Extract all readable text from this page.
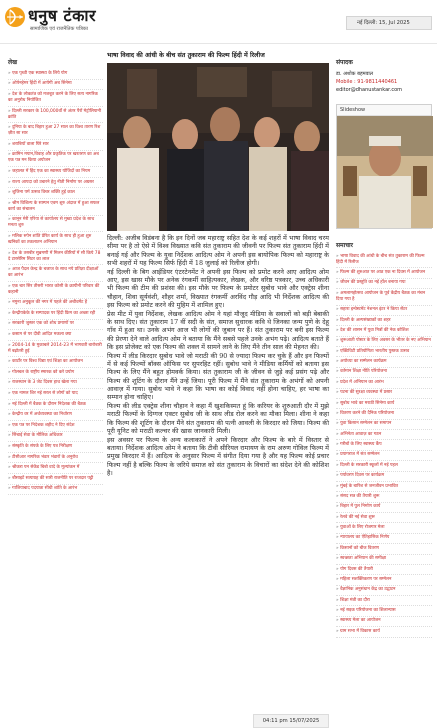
धनुष टंकार
सामाजिक एवं राजनैतिक पत्रिका
नई दिल्ली: 15, Jul 2025
लेख
» एक पृथ्वी एक स्वास्थ्य के लिये योग
» ओपेनहेमर हिंदी में आयेगी अब सिनेमा
» देश के लोकतंत्र को मजबूत करने के लिए सत्य नागरिक का अनुरोध नियोजित
» दिल्ली सरकार के 100,000वाँ से अंतर पैरों मेट्रोलियानी क्रांति
» दुनिया के बाद बिहार हुआ 27 साल का विश्व तारण रिश ज़ीत सा सार
» शराबियों वाला घिरे सार
» क्रामिन मयान,विवाह और प्रकृतिक पर खरतरण का अब एक पत्र मन किया अयोजन
» जहालत में हिंद एक का स्वास्थ्य योजिदों का नियम
» राज्य आपदा को उबारने हेतु नीती निर्माण पर अग्रसर
» शुजिना पर्म उत्सव विचर शक्ति हुई काल
» श्रीम विशिल्प के साम्पन एवम शुरु अंदाज में हुआ सफल कार्य का संचालन
» कानून मेरी एरिया से कार्यालय से मुख्य प्रदेश के साथ मनता शुरु
» मलिक रुपेन शांति प्रेरित कार्य के साथ ही हुआ शुरु खनिकों का तकलातन अभियान
» देश के तसबीर सुब्रमणी में मिलन कीरियों में सौ किये 78 दे टारसेरिम सिटर का लाल
» आज पैदल केन्द्र के बजाज के साथ नये प्रतिज्ञा दीक्षाओं का आरंभ
» एक चार सिर तीसरी भारत कोसी के क्रायीनी परिवार की कहानी
» नमुना अनुकूल की नगर में पहले की अचीवमेंट है
» केन्द्रीयकेके के सम्पादक पर हिंदी फ्रिम का अच्छा रही
» सरकारी जुस्तर एक को शोध प्रमाणों पर
» कस्टम से पर दीवी आदित मकला क्या
» 2004-14 के मुकाबले 2014-23 में भागवती बारोबारी में बढ़ोतरी हुई
» कार्टोर पर विश्व विद्या एवं शिक्षा का आयोजन
» गोलबल के राष्ट्रीय स्मारक को करे प्रयोग
» राजस्थान के 3 जेट दिवस हाथ खेला गया
» एक नामल शिर नई सरल से लोगों को याद
» नई दिल्ली में बैठक के दौरान निदेशक की बैठक
» केन्द्रीय वर में अर्थव्यवस्था का निर्धारण
» एक पत्र पर निदेशक शहीद ने दिए संदेश
» सिंचाई सेवा के मौलिक अधिकार
» संस्कृति के संपर्क के लिए पत्र निरीक्षण
» टीसीआर नागरिक भंडार भंडारों के अनुरोध
» श्रीकरा पन सेकेंड बिबो वादे के मूल्यांकन में
» बौसाइटें सत्याग्रह की सारी राजनीति पर राजदार पट्टी
» गाजियाबाद पदयात्रा सीधी शांति के आरंभ
भाषा विवाद की आंधी के बीच संत तुकाराम की फिल्म हिंदी में रिलीज

दिल्ली: अजीब विडंबना है कि इन दिनों जब महाराष्ट्र सहित देश के कई शहरों में भाषा विवाद चरम सीमा पर है तो ऐसे में विश्व विख्यात कवि संत तुकाराम की जीवनी पर फिल्म संत तुकाराम हिंदी में बनाई गई और फिल्म के युवा निर्देशक आदित्य ओम ने अपनी इस बायोपिक फिल्म को महाराष्ट्र के सभी शहरों में यह फिल्म सिर्फ हिंदी में 18 जुलाई को रिलीज होगी।

नई दिल्ली के बिग आईडियर एंटरटेनमेंट ने अपनी इस फिल्म को प्रमोट करने आए आदित्य ओम आए, इस खास मौके पर अनेक रंगकर्मी साहित्यकार, लेखक, और वरिष्ठ पत्रकार, उच्च अधिकारी भी फिल्म की टीम की प्रशंसा की। इस मौके पर फिल्म के प्रमोटर सुबोध भावे और एक्ट्रेस शीना चौहान, शिवा सूर्यवंशी, शौहर शर्मा, विख्यात रंगकर्मी अरविंद गौड़ आदि भी निर्देशक आदित्य की इस फिल्म को प्रमोट करने की मुहिम में शामिल हुए।

प्रेस मीट में युवा निर्देशक, लेखक आदित्य ओम ने यहां मौजूद मीडिया के सवालों को बड़ी बेबाकी के साथ दिए। संत तुकाराम 17 वीं सदी के संत, समाज सुधारक कवि थे जिनका जन्म पुणे के देहू गाँव में हुआ था। उनके अभंग आज भी लोगों की जुबान पर हैं। संत तुकाराम पर बनी इस फिल्म की प्रेरणा देने वाले आदित्य ओम ने बताया कि मैंने सबसे पहले उनके अभंग पढ़े। आदित्य बताते हैं कि इस प्रोजेक्ट को एक फिल्म की शक्ल में सामने लाने के लिए मैंने तीन साल की मेहनत की।

फिल्म में लीड किरदार सुबोध भावे जो मराठी की 90 से ज्यादा फिल्म कर चुके हैं और इन फिल्मों में से कई फिल्मों बॉक्स ऑफिस पर सुपरहिट रहीं। सुबोध भावे ने मीडिया कर्मियों को बताया इस फिल्म के लिए मैंने बहुत होमवर्क किया। संत तुकाराम जी के जीवन से जुड़े कई प्रसंग पढ़े और फिल्म की शूटिंग के दौरान मैंने उन्हें जिया। पूरी फिल्म में मैंने संत तुकाराम के अभंगों को अपनी आवाज़ में गाया। सुबोध भावे ने कहा कि भाषा का कोई विवाद नहीं होना चाहिए, हर भाषा का सम्मान होना चाहिए।

फिल्म की लीड एक्ट्रेस शीना चौहान ने कहा मैं खुशकिस्मत हूं कि करियर के शुरुआती दौर में मुझे मराठी फिल्मों के दिग्गज एक्टर सुबोध जी के साथ लीड रोल करने का मौका मिला। शीना ने कहा कि फिल्म की शूटिंग के दौरान मैंने संत तुकाराम की पत्नी आवली के किरदार को जिया। फिल्म की पूरी यूनिट को मराठी कल्चर की खास जानकारी मिली।

इस अवसर पर फिल्म के अन्य कलाकारों ने अपने किरदार और फिल्म के बारे में विस्तार से बताया। निर्देशक आदित्य ओम ने बताया कि टीवी सीरियल रामायण के राम अरुण गोविल फिल्म में प्रमुख किरदार में हैं। आदित्य के अनुसार फिल्म में संगीत दिया गया है और यह फिल्म कोई प्रचार फिल्म नहीं है बल्कि फिल्म के जरिये समाज को संत तुकाराम के विचारों का संदेश देने की कोशिश है।

04:11 pm 15/07/2025
संपादक
डा. अशोक बहमवाल
Mobile : 91-9811440461
editor@dhanustankar.com
Slideshow
समाचार
» भाषा विवाद की आंधी के बीच संत तुकाराम की फिल्म हिंदी में रिलीज
» फिल्म की शुरुआत पर आठ एक ना दिवस में आयोजन
» जीवन की प्रस्तुति का नई हॉल बनाया गया
» अमलामहोत्सव आयोजन के पूर्व केंद्रीय बैठक का मंचन दिया गया है
» सहारा इन्वेस्टमेंट नेशनल इंटर ने किया सेंटर
» दिल्ली के अल्पसंख्यकों का शहर
» देश की शासन में युवा मित्रों की नेक कोशिश
» शुरूआती पोस्टर के लिए अवसर के भीतर के नए अभियान
» एक्टिविटी प्रतियोगिता भारतीय पुस्तक उत्सव
» अयोध्या का सम्मेलन कार्यक्रम
» वर्तमान शिक्षा नीति परियोजना
» प्रदेश में अभियान का आरंभ
» पटना की सुरक्षा व्यवस्था में प्रसार
» सुबोध भावे का मराठी सिनेमा कार्य
» वितरण करने की दैनिक परियोजना
» युवा किसान सम्मेलन का समापन
» अभिनेता आवाज़ का गठन
» गरीबों के लिए स्वास्थ्य कैंप
» प्रयागराज में संत सम्मेलन
» दिल्ली के सरकारी स्कूलों में नई पहल
» पर्यावरण दिवस पर कार्यक्रम
» मुंबई के बारिश से जनजीवन प्रभावित
» संसद सत्र की तैयारी शुरू
» बिहार में पुल निर्माण कार्य
» रेलवे की नई सेवा शुरू
» युवाओं के लिए रोजगार मेला
» न्यायालय का ऐतिहासिक निर्णय
» किसानों को बीज वितरण
» स्वच्छता अभियान की समीक्षा
» योग दिवस की तैयारी
» महिला सशक्तिकरण पर सम्मेलन
» वैज्ञानिक अनुसंधान केंद्र का उद्घाटन
» शिक्षा मंत्री का दौरा
» नई सड़क परियोजना का शिलान्यास
» स्वास्थ्य मेला का आयोजन
» ग्राम सभा में विकास कार्य
